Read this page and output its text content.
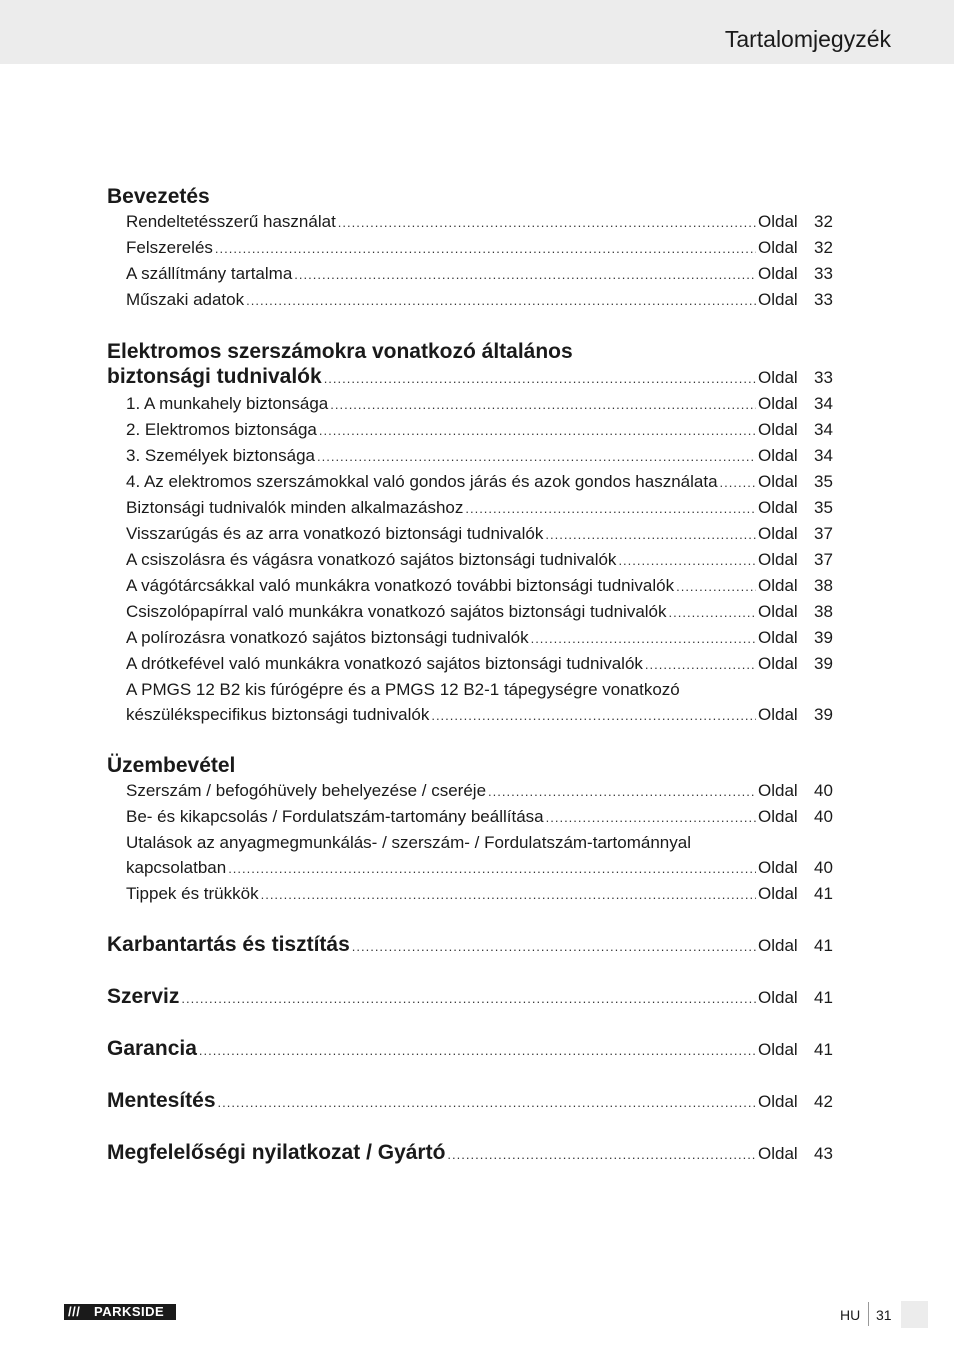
Tartalomjegyzék
Bevezetés
Rendeltetésszerű használat .....	Oldal 32
Felszerelés .....	Oldal 32
A szállítmány tartalma .....	Oldal 33
Műszaki adatok .....	Oldal 33
Elektromos szerszámokra vonatkozó általános
biztonsági tudnivalók .....	Oldal 33
1. A munkahely biztonsága .....	Oldal 34
2. Elektromos biztonsága .....	Oldal 34
3. Személyek biztonsága .....	Oldal 34
4. Az elektromos szerszámokkal való gondos járás és azok gondos használata ..... Oldal 35
Biztonsági tudnivalók minden alkalmazáshoz .....	Oldal 35
Visszarúgás és az arra vonatkozó biztonsági tudnivalók .....	Oldal 37
A csiszolásra és vágásra vonatkozó sajátos biztonsági tudnivalók .....	Oldal 37
A vágótárcsákkal való munkákra vonatkozó további biztonsági tudnivalók .....	Oldal 38
Csiszolópapírral való munkákra vonatkozó sajátos biztonsági tudnivalók .....	Oldal 38
A polírozásra vonatkozó sajátos biztonsági tudnivalók .....	Oldal 39
A drótkefével való munkákra vonatkozó sajátos biztonsági tudnivalók .....	Oldal 39
A PMGS 12 B2 kis fúrógépre és a PMGS 12 B2-1 tápegységre vonatkozó
készülékspecifikus biztonsági tudnivalók .....	Oldal 39
Üzembevétel
Szerszám / befogóhüvely behelyezése / cseréje .....	Oldal 40
Be- és kikapcsolás / Fordulatszám-tartomány beállítása .....	Oldal 40
Utalások az anyagmegmunkálás- / szerszám- / Fordulatszám-tartománnyal
kapcsolatban .....	Oldal 40
Tippek és trükkök .....	Oldal 41
Karbantartás és tisztítás .....	Oldal 41
Szerviz .....	Oldal 41
Garancia .....	Oldal 41
Mentesítés .....	Oldal 42
Megfelelőségi nyilatkozat / Gyártó .....	Oldal 43
/// PARKSIDE	HU 31
